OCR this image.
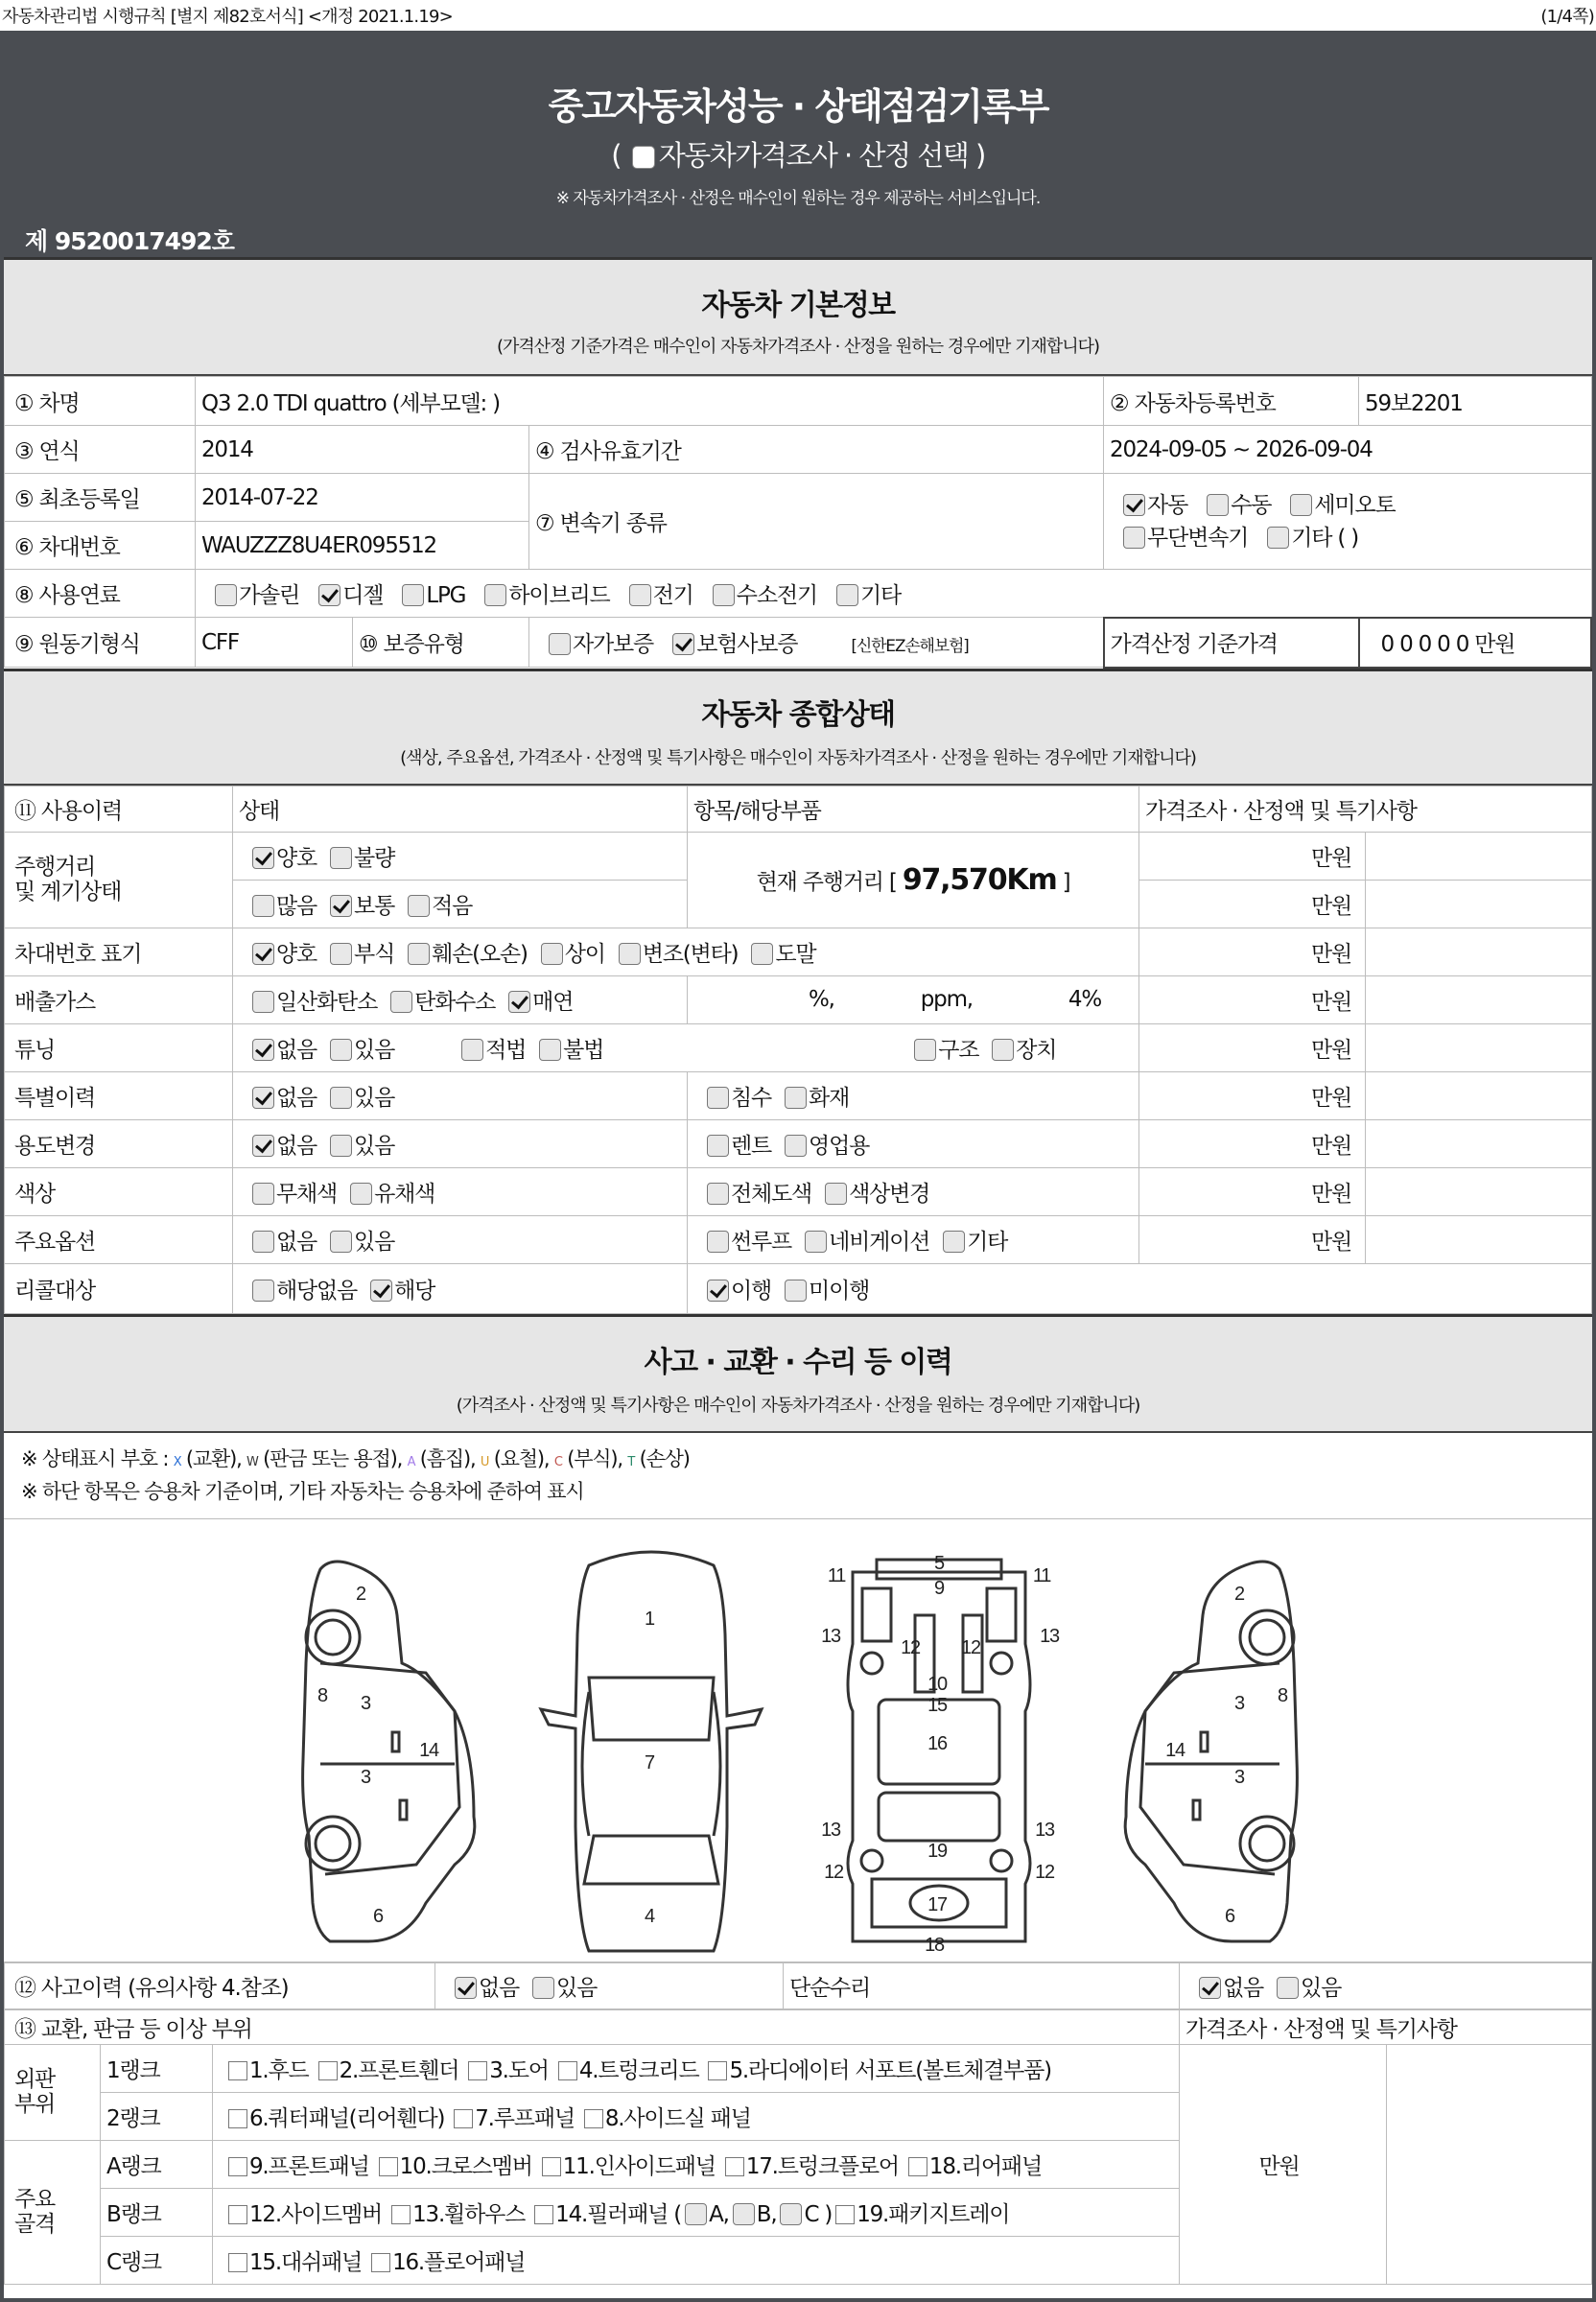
자동차관리법 시행규칙 [별지 제82호서식] <개정 2021.1.19>	(1/4쪽)
중고자동차성능 · 상태점검기록부
( 자동차가격조사 · 산정 선택 )
※ 자동차가격조사 · 산정은 매수인이 원하는 경우 제공하는 서비스입니다.
제 9520017492호
자동차 기본정보
(가격산정 기준가격은 매수인이 자동차가격조사 · 산정을 원하는 경우에만 기재합니다)
① 차명	Q3 2.0 TDI quattro (세부모델: )			② 자동차등록번호	59보2201
③ 연식	2014		④ 검사유효기간	2024-09-05 ~ 2026-09-04	
⑤ 최초등록일	2014-07-22		⑦ 변속기 종류	자동 수동 세미오토
무단변속기 기타 ( )	
⑥ 차대번호	WAUZZZ8U4ER095512				
⑧ 사용연료	가솔린 디젤 LPG 하이브리드 전기 수소전기 기타				
⑨ 원동기형식	CFF	⑩ 보증유형	자가보증 보험사보증 [신한EZ손해보험]	가격산정 기준가격	0 0 0 0 0 만원
자동차 종합상태
(색상, 주요옵션, 가격조사 · 산정액 및 특기사항은 매수인이 자동차가격조사 · 산정을 원하는 경우에만 기재합니다)
⑪ 사용이력	상태	항목/해당부품	가격조사 · 산정액 및 특기사항	
주행거리
및 계기상태	양호 불량	현재 주행거리 [ 97,570Km ]	만원	
	많음 보통 적음		만원	
차대번호 표기	양호 부식 훼손(오손) 상이 변조(변타) 도말		만원	
배출가스	일산화탄소 탄화수소 매연	%, ppm, 4%	만원	
튜닝	없음 있음 적법 불법 구조 장치		만원	
특별이력	없음 있음	침수 화재	만원	
용도변경	없음 있음	렌트 영업용	만원	
색상	무채색 유채색	전체도색 색상변경	만원	
주요옵션	없음 있음	썬루프 네비게이션 기타	만원	
리콜대상	해당없음 해당	이행 미이행		
사고 · 교환 · 수리 등 이력
(가격조사 · 산정액 및 특기사항은 매수인이 자동차가격조사 · 산정을 원하는 경우에만 기재합니다)
※ 상태표시 부호 : X (교환), W (판금 또는 용접), A (흠집), U (요철), C (부식), T (손상)
※ 하단 항목은 승용차 기준이며, 기타 자동차는 승용차에 준하여 표시
2
8 3
3
14
6
1
7
4
5
9
11	11
13	13
12 12
10
15
16
13	13
19
12	12
17
18
2
8
3
3
14
6
⑫ 사고이력 (유의사항 4.참조)	없음 있음	단순수리	없음 있음
⑬ 교환, 판금 등 이상 부위			가격조사 · 산정액 및 특기사항	
외판
부위	1랭크	1.후드 2.프론트휀더 3.도어 4.트렁크리드 5.라디에이터 서포트(볼트체결부품)	만원	
	2랭크	6.쿼터패널(리어휀다) 7.루프패널 8.사이드실 패널		
주요
골격	A랭크	9.프론트패널 10.크로스멤버 11.인사이드패널 17.트렁크플로어 18.리어패널		
	B랭크	12.사이드멤버 13.휠하우스 14.필러패널 ( A, B, C ) 19.패키지트레이		
	C랭크	15.대쉬패널 16.플로어패널		
